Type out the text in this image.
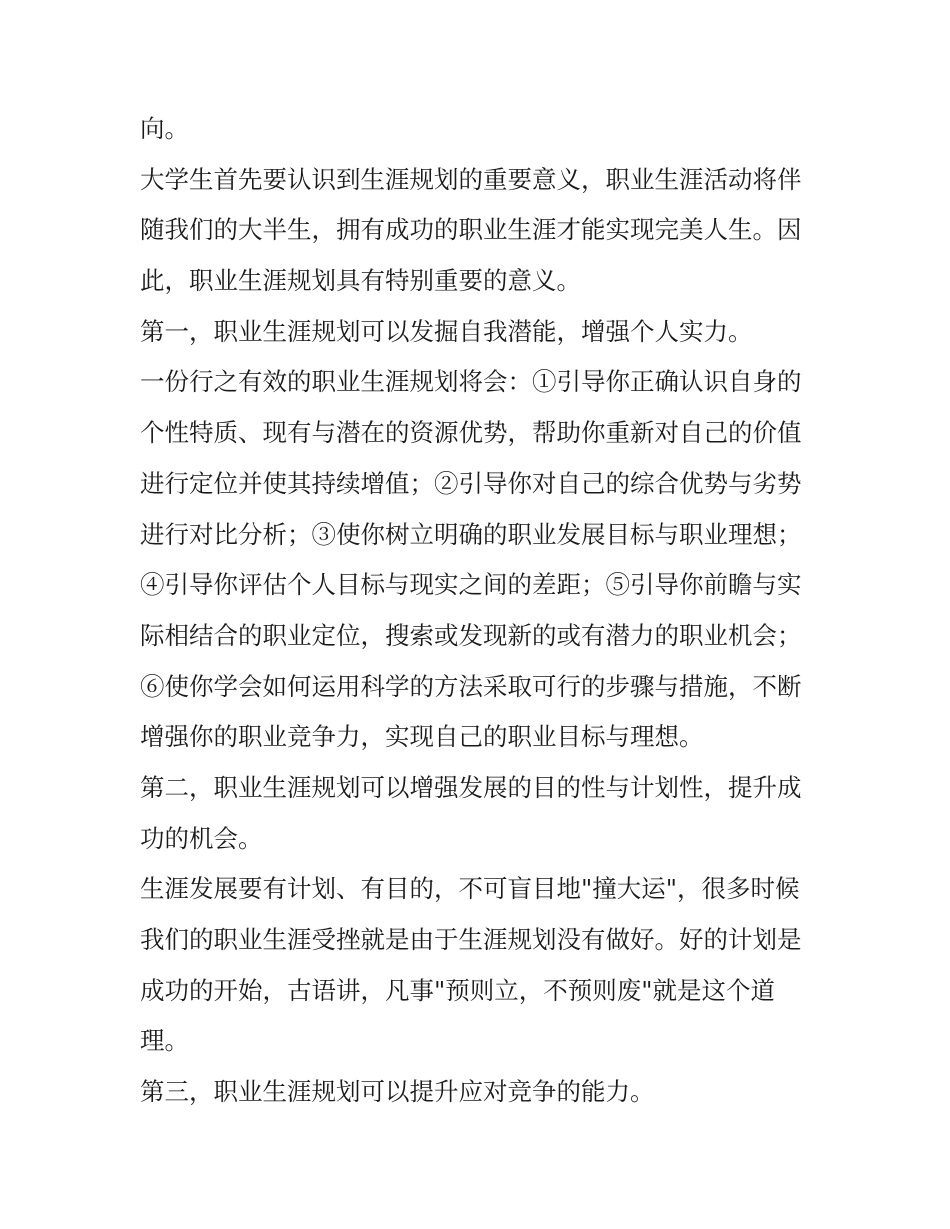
向。

大学生首先要认识到生涯规划的重要意义，职业生涯活动将伴
随我们的大半生，拥有成功的职业生涯才能实现完美人生。因
此，职业生涯规划具有特别重要的意义。

第一，职业生涯规划可以发掘自我潜能，增强个人实力。

一份行之有效的职业生涯规划将会：①引导你正确认识自身的
个性特质、现有与潜在的资源优势，帮助你重新对自己的价值
进行定位并使其持续增值；②引导你对自己的综合优势与劣势
进行对比分析；③使你树立明确的职业发展目标与职业理想；
④引导你评估个人目标与现实之间的差距；⑤引导你前瞻与实
际相结合的职业定位，搜索或发现新的或有潜力的职业机会；
⑥使你学会如何运用科学的方法采取可行的步骤与措施，不断
增强你的职业竞争力，实现自己的职业目标与理想。

第二，职业生涯规划可以增强发展的目的性与计划性，提升成
功的机会。

生涯发展要有计划、有目的，不可盲目地"撞大运"，很多时候
我们的职业生涯受挫就是由于生涯规划没有做好。好的计划是
成功的开始，古语讲，凡事"预则立，不预则废"就是这个道
理。

第三，职业生涯规划可以提升应对竞争的能力。
